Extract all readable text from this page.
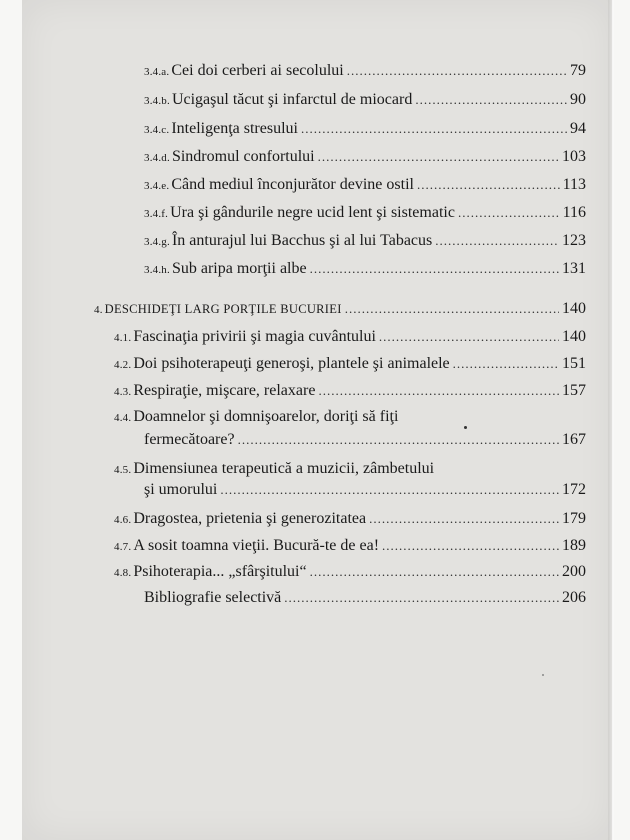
3.4.a. Cei doi cerberi ai secolului .....	79
3.4.b. Ucigaşul tăcut şi infarctul de miocard .....	90
3.4.c. Inteligenţa stresului .....	94
3.4.d. Sindromul confortului .....	103
3.4.e. Când mediul înconjurător devine ostil .....	113
3.4.f. Ura şi gândurile negre ucid lent şi sistematic .....	116
3.4.g. În anturajul lui Bacchus şi al lui Tabacus .....	123
3.4.h. Sub aripa morţii albe .....	131
4. DESCHIDEŢI LARG PORŢILE BUCURIEI .....	140
4.1. Fascinaţia privirii şi magia cuvântului .....	140
4.2. Doi psihoterapeuţi generoşi, plantele şi animalele .....	151
4.3. Respiraţie, mişcare, relaxare .....	157
4.4. Doamnelor şi domnişoarelor, doriţi să fiţi
fermecătoare? .....	167
4.5. Dimensiunea terapeutică a muzicii, zâmbetului
şi umorului .....	172
4.6. Dragostea, prietenia şi generozitatea .....	179
4.7. A sosit toamna vieţii. Bucură-te de ea! .....	189
4.8. Psihoterapia... „sfârşitului“ .....	200
Bibliografie selectivă .....	206
